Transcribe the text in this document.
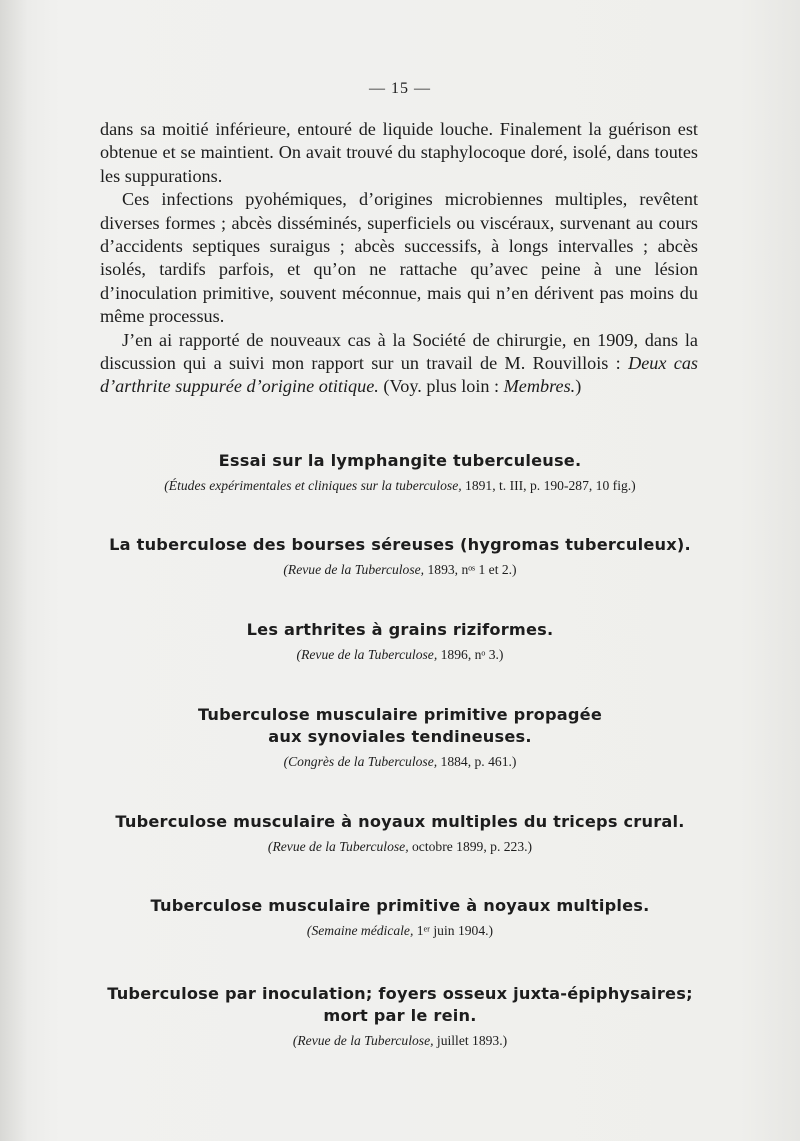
— 15 —

dans sa moitié inférieure, entouré de liquide louche. Finalement la guérison est obtenue et se maintient. On avait trouvé du staphylocoque doré, isolé, dans toutes les suppurations.

Ces infections pyohémiques, d’origines microbiennes multiples, revêtent diverses formes ; abcès disséminés, superficiels ou viscéraux, survenant au cours d’accidents septiques suraigus ; abcès successifs, à longs intervalles ; abcès isolés, tardifs parfois, et qu’on ne rattache qu’avec peine à une lésion d’inoculation primitive, souvent méconnue, mais qui n’en dérivent pas moins du même processus.

J’en ai rapporté de nouveaux cas à la Société de chirurgie, en 1909, dans la discussion qui a suivi mon rapport sur un travail de M. Rouvillois : Deux cas d’arthrite suppurée d’origine otitique. (Voy. plus loin : Membres.)

Essai sur la lymphangite tuberculeuse.
(Études expérimentales et cliniques sur la tuberculose, 1891, t. III, p. 190-287, 10 fig.)
La tuberculose des bourses séreuses (hygromas tuberculeux).
(Revue de la Tuberculose, 1893, nᵒˢ 1 et 2.)
Les arthrites à grains riziformes.
(Revue de la Tuberculose, 1896, nᵒ 3.)
Tuberculose musculaire primitive propagée
aux synoviales tendineuses.
(Congrès de la Tuberculose, 1884, p. 461.)
Tuberculose musculaire à noyaux multiples du triceps crural.
(Revue de la Tuberculose, octobre 1899, p. 223.)
Tuberculose musculaire primitive à noyaux multiples.
(Semaine médicale, 1ᵉʳ juin 1904.)
Tuberculose par inoculation; foyers osseux juxta-épiphysaires;
mort par le rein.
(Revue de la Tuberculose, juillet 1893.)
